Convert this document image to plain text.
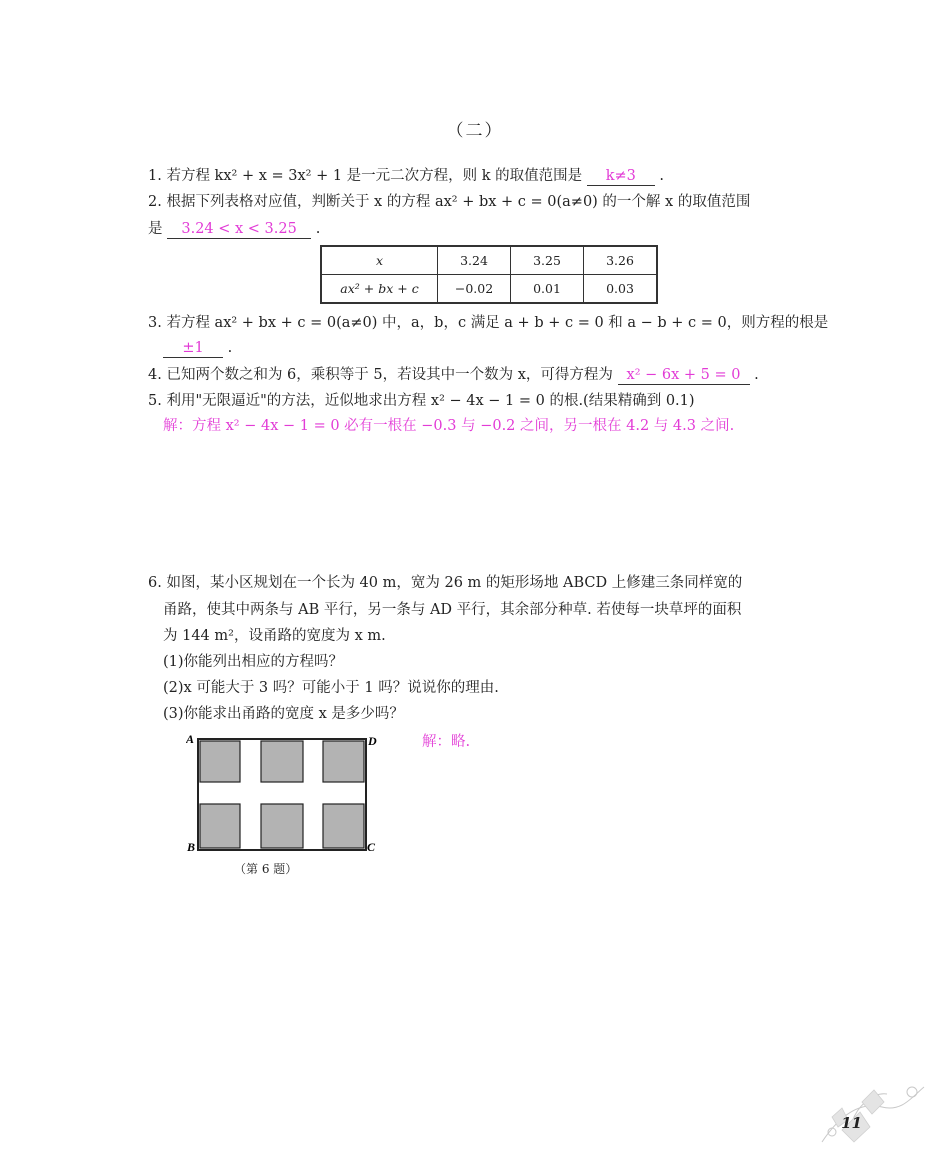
（二）
1. 若方程 kx² + x = 3x² + 1 是一元二次方程，则 k 的取值范围是 k≠3 .
2. 根据下列表格对应值，判断关于 x 的方程 ax² + bx + c = 0(a≠0) 的一个解 x 的取值范围
是 3.24 < x < 3.25 .
x	3.24	3.25	3.26
ax² + bx + c	−0.02	0.01	0.03
3. 若方程 ax² + bx + c = 0(a≠0) 中，a，b，c 满足 a + b + c = 0 和 a − b + c = 0，则方程的根是
±1 .
4. 已知两个数之和为 6，乘积等于 5，若设其中一个数为 x，可得方程为 x² − 6x + 5 = 0 .
5. 利用"无限逼近"的方法，近似地求出方程 x² − 4x − 1 = 0 的根.(结果精确到 0.1)
解：方程 x² − 4x − 1 = 0 必有一根在 −0.3 与 −0.2 之间，另一根在 4.2 与 4.3 之间.
6. 如图，某小区规划在一个长为 40 m，宽为 26 m 的矩形场地 ABCD 上修建三条同样宽的
甬路，使其中两条与 AB 平行，另一条与 AD 平行，其余部分种草. 若使每一块草坪的面积
为 144 m²，设甬路的宽度为 x m.
(1)你能列出相应的方程吗？
(2)x 可能大于 3 吗？可能小于 1 吗？说说你的理由.
(3)你能求出甬路的宽度 x 是多少吗？
解：略.
A	D
B	C
（第 6 题）
11
